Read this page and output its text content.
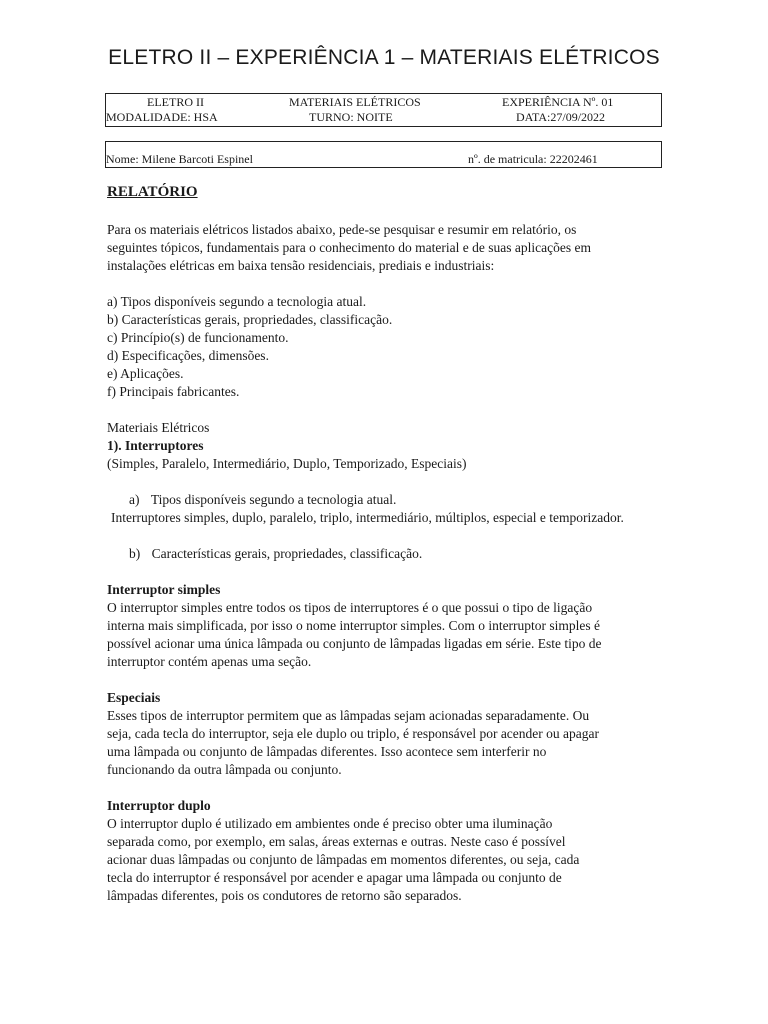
ELETRO II – EXPERIÊNCIA 1 – MATERIAIS ELÉTRICOS
ELETRO II	MATERIAIS ELÉTRICOS	EXPERIÊNCIA Nº. 01
MODALIDADE: HSA	TURNO: NOITE	DATA:27/09/2022
Nome: Milene Barcoti Espinel	nº. de matricula: 22202461

RELATÓRIO

Para os materiais elétricos listados abaixo, pede-se pesquisar e resumir em relatório, os
seguintes tópicos, fundamentais para o conhecimento do material e de suas aplicações em
instalações elétricas em baixa tensão residenciais, prediais e industriais:
a) Tipos disponíveis segundo a tecnologia atual.
b) Características gerais, propriedades, classificação.
c) Princípio(s) de funcionamento.
d) Especificações, dimensões.
e) Aplicações.
f) Principais fabricantes.
Materiais Elétricos
1). Interruptores
(Simples, Paralelo, Intermediário, Duplo, Temporizado, Especiais)
a) Tipos disponíveis segundo a tecnologia atual.
Interruptores simples, duplo, paralelo, triplo, intermediário, múltiplos, especial e temporizador.
b) Características gerais, propriedades, classificação.
Interruptor simples
O interruptor simples entre todos os tipos de interruptores é o que possui o tipo de ligação
interna mais simplificada, por isso o nome interruptor simples. Com o interruptor simples é
possível acionar uma única lâmpada ou conjunto de lâmpadas ligadas em série. Este tipo de
interruptor contém apenas uma seção.
Especiais
Esses tipos de interruptor permitem que as lâmpadas sejam acionadas separadamente. Ou
seja, cada tecla do interruptor, seja ele duplo ou triplo, é responsável por acender ou apagar
uma lâmpada ou conjunto de lâmpadas diferentes. Isso acontece sem interferir no
funcionando da outra lâmpada ou conjunto.
Interruptor duplo
O interruptor duplo é utilizado em ambientes onde é preciso obter uma iluminação
separada como, por exemplo, em salas, áreas externas e outras. Neste caso é possível
acionar duas lâmpadas ou conjunto de lâmpadas em momentos diferentes, ou seja, cada
tecla do interruptor é responsável por acender e apagar uma lâmpada ou conjunto de
lâmpadas diferentes, pois os condutores de retorno são separados.
